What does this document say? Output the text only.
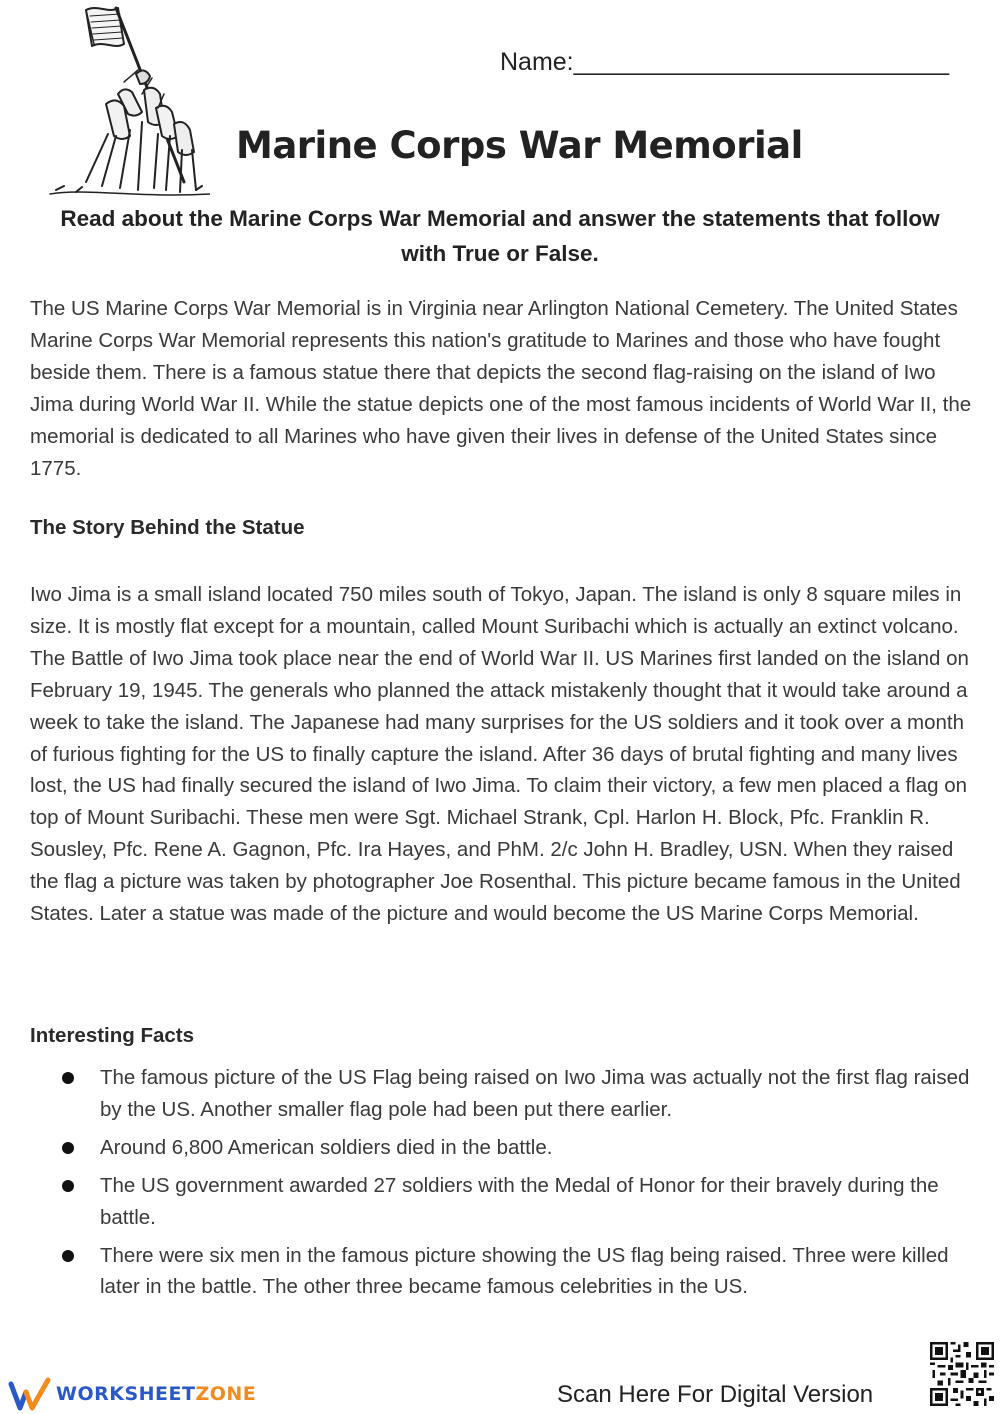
Name:___________________________
Marine Corps War Memorial

Read about the Marine Corps War Memorial and answer the statements that follow with True or False.

The US Marine Corps War Memorial is in Virginia near Arlington National Cemetery. The United States Marine Corps War Memorial represents this nation's gratitude to Marines and those who have fought beside them. There is a famous statue there that depicts the second flag-raising on the island of Iwo Jima during World War II. While the statue depicts one of the most famous incidents of World War II, the memorial is dedicated to all Marines who have given their lives in defense of the United States since 1775.

The Story Behind the Statue

Iwo Jima is a small island located 750 miles south of Tokyo, Japan. The island is only 8 square miles in size. It is mostly flat except for a mountain, called Mount Suribachi which is actually an extinct volcano. The Battle of Iwo Jima took place near the end of World War II. US Marines first landed on the island on February 19, 1945. The generals who planned the attack mistakenly thought that it would take around a week to take the island. The Japanese had many surprises for the US soldiers and it took over a month of furious fighting for the US to finally capture the island. After 36 days of brutal fighting and many lives lost, the US had finally secured the island of Iwo Jima. To claim their victory, a few men placed a flag on top of Mount Suribachi. These men were Sgt. Michael Strank, Cpl. Harlon H. Block, Pfc. Franklin R. Sousley, Pfc. Rene A. Gagnon, Pfc. Ira Hayes, and PhM. 2/c John H. Bradley, USN. When they raised the flag a picture was taken by photographer Joe Rosenthal. This picture became famous in the United States. Later a statue was made of the picture and would become the US Marine Corps Memorial.

Interesting Facts
The famous picture of the US Flag being raised on Iwo Jima was actually not the first flag raised by the US. Another smaller flag pole had been put there earlier.
Around 6,800 American soldiers died in the battle.
The US government awarded 27 soldiers with the Medal of Honor for their bravely during the battle.
There were six men in the famous picture showing the US flag being raised. Three were killed later in the battle. The other three became famous celebrities in the US.
WORKSHEETZONE	Scan Here For Digital Version
